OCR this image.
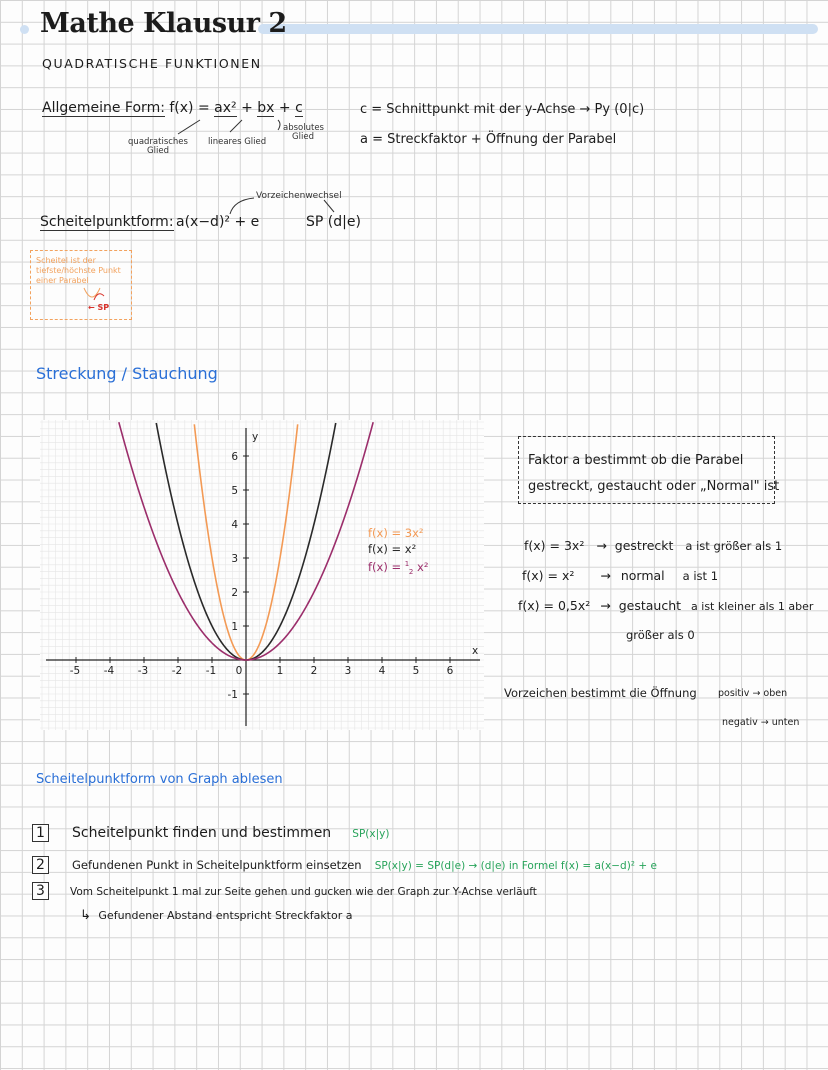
Mathe Klausur 2
QUADRATISCHE FUNKTIONEN
Allgemeine Form: f(x) = ax² + bx + c
quadratisches Glied
lineares Glied
absolutes Glied
c = Schnittpunkt mit der y-Achse → Py (0|c)
a = Streckfaktor + Öffnung der Parabel
Vorzeichenwechsel
Scheitelpunktform: a(x−d)² + e	SP (d|e)
Scheitel ist der tiefste/höchste Punkt einer Parabel
← SP
Streckung / Stauchung
-5 -4 -3 -2 -1 0	1	2	3	4	5	6
6
5
4
3
2
1
-1
x
y
f(x) = 3x²
f(x) = x²
f(x) = $^1$ 2 x²
Faktor a bestimmt ob die Parabel
gestreckt, gestaucht oder „Normal" ist
f(x) = 3x² → gestreckt a ist größer als 1
f(x) = x² → normal a ist 1
f(x) = 0,5x² → gestaucht a ist kleiner als 1 aber
größer als 0
Vorzeichen bestimmt die Öffnung positiv → oben
negativ → unten
Scheitelpunktform von Graph ablesen
1 Scheitelpunkt finden und bestimmen SP(x|y)
2 Gefundenen Punkt in Scheitelpunktform einsetzen SP(x|y) = SP(d|e) → (d|e) in Formel f(x) = a(x−d)² + e
3 Vom Scheitelpunkt 1 mal zur Seite gehen und gucken wie der Graph zur Y-Achse verläuft
↳ Gefundener Abstand entspricht Streckfaktor a
